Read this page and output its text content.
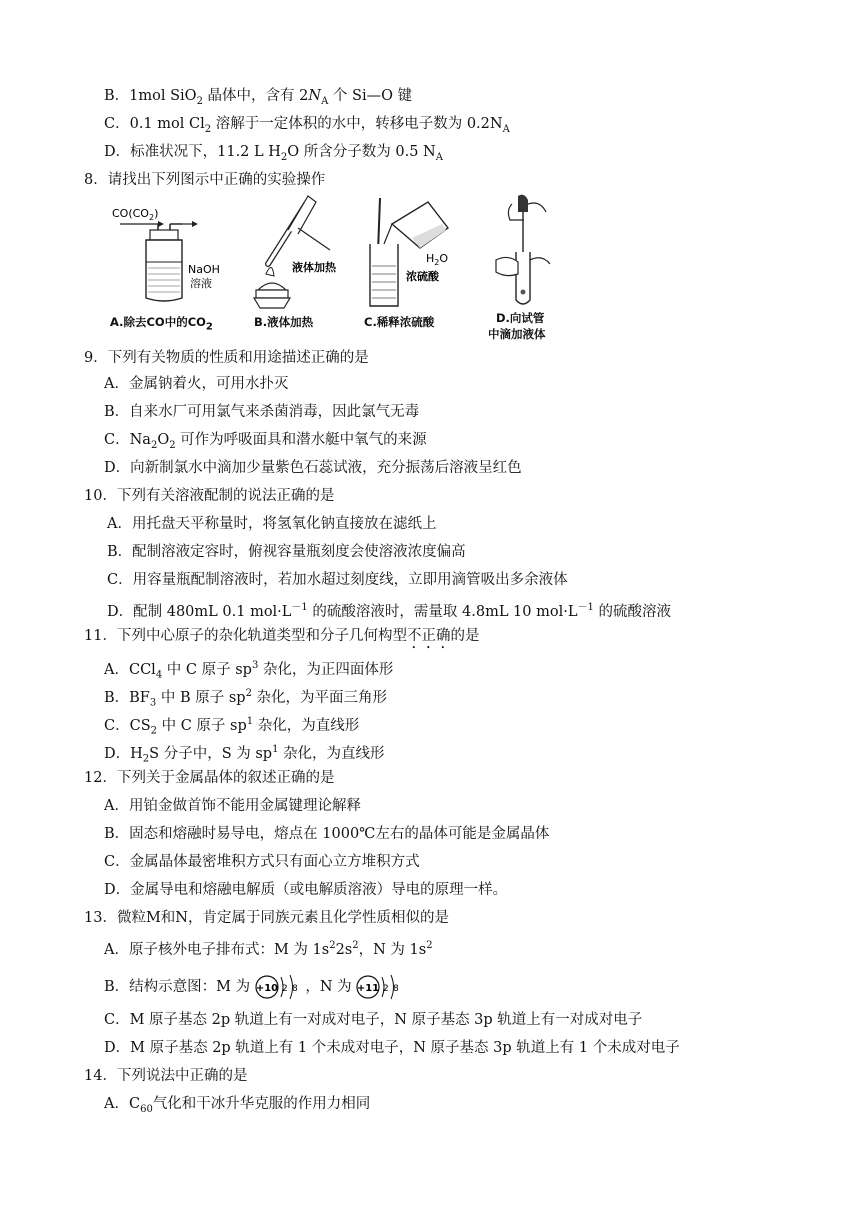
B．1mol SiO$_2$ 晶体中，含有 $2N_A$ 个 Si—O 键
C．0.1 mol $Cl_2$ 溶解于一定体积的水中，转移电子数为 $0.2N_A$
D．标准状况下，11.2 L $H_2O$ 所含分子数为 0.5 $N_A$
8．请找出下列图示中正确的实验操作
$CO(CO_2)$
NaOH
溶液
A.除去CO中的$CO_2$
液体加热
B.液体加热
$H_2O$
浓硫酸
C.稀释浓硫酸	D.向试管
中滴加液体
9．下列有关物质的性质和用途描述正确的是
A．金属钠着火，可用水扑灭
B．自来水厂可用氯气来杀菌消毒，因此氯气无毒
C．$Na_2O_2$ 可作为呼吸面具和潜水艇中氧气的来源
D．向新制氯水中滴加少量紫色石蕊试液，充分振荡后溶液呈红色
10．下列有关溶液配制的说法正确的是
A．用托盘天平称量时，将氢氧化钠直接放在滤纸上
B．配制溶液定容时，俯视容量瓶刻度会使溶液浓度偏高
C．用容量瓶配制溶液时，若加水超过刻度线，立即用滴管吸出多余液体
D．配制 480mL 0.1 $mol\cdot L^{-1}$ 的硫酸溶液时，需量取 4.8mL 10 $mol\cdot L^{-1}$ 的硫酸溶液
11．下列中心原子的杂化轨道类型和分子几何构型不正确的是
A．CCl$_4$ 中 C 原子 $sp^3$ 杂化，为正四面体形
B．$BF_3$ 中 B 原子 $sp^2$ 杂化，为平面三角形
C．$CS_2$ 中 C 原子 $sp^1$ 杂化，为直线形
D．$H_2S$ 分子中，S 为 $sp^1$ 杂化，为直线形
12．下列关于金属晶体的叙述正确的是
A．用铂金做首饰不能用金属键理论解释
B．固态和熔融时易导电，熔点在 1000℃左右的晶体可能是金属晶体
C．金属晶体最密堆积方式只有面心立方堆积方式
D．金属导电和熔融电解质（或电解质溶液）导电的原理一样。
13．微粒M和N，肯定属于同族元素且化学性质相似的是
A．原子核外电子排布式：M 为 $1s^22s^2$，N 为 $1s^2$
B．结构示意图：M 为 +10 2 8 ，N 为 +11 2 8
C．M 原子基态 2p 轨道上有一对成对电子，N 原子基态 3p 轨道上有一对成对电子
D．M 原子基态 2p 轨道上有 1 个未成对电子，N 原子基态 3p 轨道上有 1 个未成对电子
14．下列说法中正确的是
A．$C_{60}$气化和干冰升华克服的作用力相同
